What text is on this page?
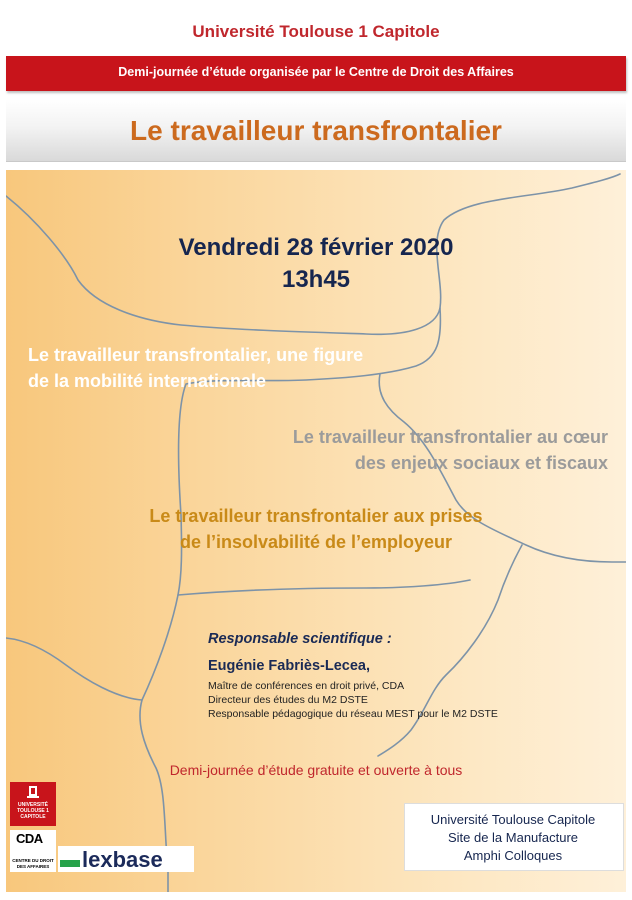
Université Toulouse 1 Capitole
Demi-journée d’étude organisée par le Centre de Droit des Affaires
Le travailleur transfrontalier
Vendredi 28 février 2020
13h45
Le travailleur transfrontalier, une figure
de la mobilité internationale
Le travailleur transfrontalier au cœur
des enjeux sociaux et fiscaux
Le travailleur transfrontalier aux prises
de l’insolvabilité de l’employeur
Responsable scientifique :
Eugénie Fabriès-Lecea,
Maître de conférences en droit privé, CDA
Directeur des études du M2 DSTE
Responsable pédagogique du réseau MEST pour le M2 DSTE
Demi-journée d’étude gratuite et ouverte à tous
Université Toulouse Capitole
Site de la Manufacture
Amphi Colloques
UNIVERSITÉ
TOULOUSE 1
CAPITOLE
CDA
CENTRE DU DROIT
DES AFFAIRES	lexbase
